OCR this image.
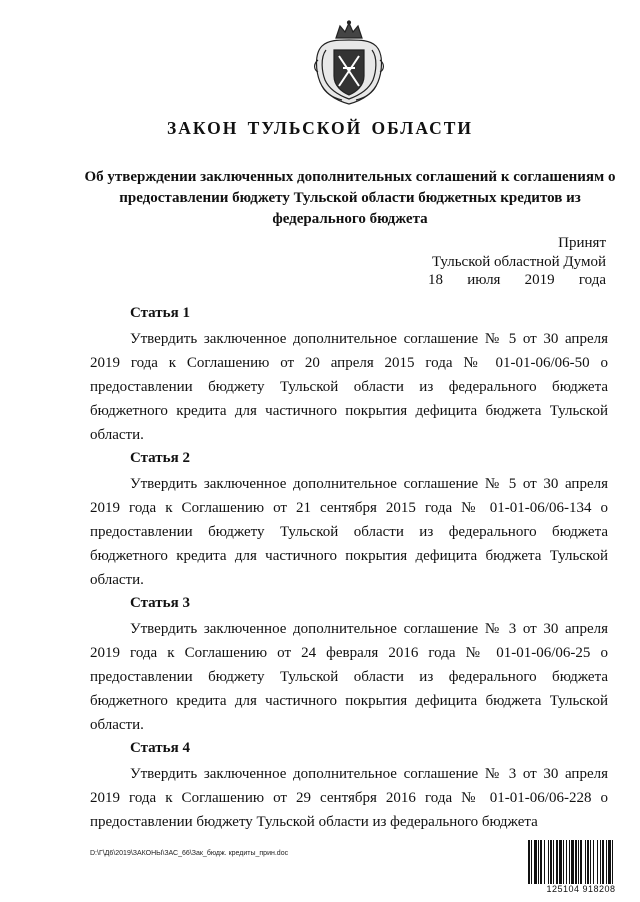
ЗАКОН ТУЛЬСКОЙ ОБЛАСТИ
Об утверждении заключенных дополнительных соглашений к соглашениям о предоставлении бюджету Тульской области бюджетных кредитов из федерального бюджета
Принят
Тульской областной Думой
18 июля 2019 года
Статья 1

Утвердить заключенное дополнительное соглашение № 5 от 30 апреля 2019 года к Соглашению от 20 апреля 2015 года № 01-01-06/06-50 о предоставлении бюджету Тульской области из федерального бюджета бюджетного кредита для частичного покрытия дефицита бюджета Тульской области.

Статья 2

Утвердить заключенное дополнительное соглашение № 5 от 30 апреля 2019 года к Соглашению от 21 сентября 2015 года № 01-01-06/06-134 о предоставлении бюджету Тульской области из федерального бюджета бюджетного кредита для частичного покрытия дефицита бюджета Тульской области.

Статья 3

Утвердить заключенное дополнительное соглашение № 3 от 30 апреля 2019 года к Соглашению от 24 февраля 2016 года № 01-01-06/06-25 о предоставлении бюджету Тульской области из федерального бюджета бюджетного кредита для частичного покрытия дефицита бюджета Тульской области.

Статья 4

Утвердить заключенное дополнительное соглашение № 3 от 30 апреля 2019 года к Соглашению от 29 сентября 2016 года № 01-01-06/06-228 о предоставлении бюджету Тульской области из федерального бюджета

D:\Г\Д6\2019\ЗАКОНЫ\ЗАС_66\Зак_бюдж. кредиты_прин.doc
125104 918208
